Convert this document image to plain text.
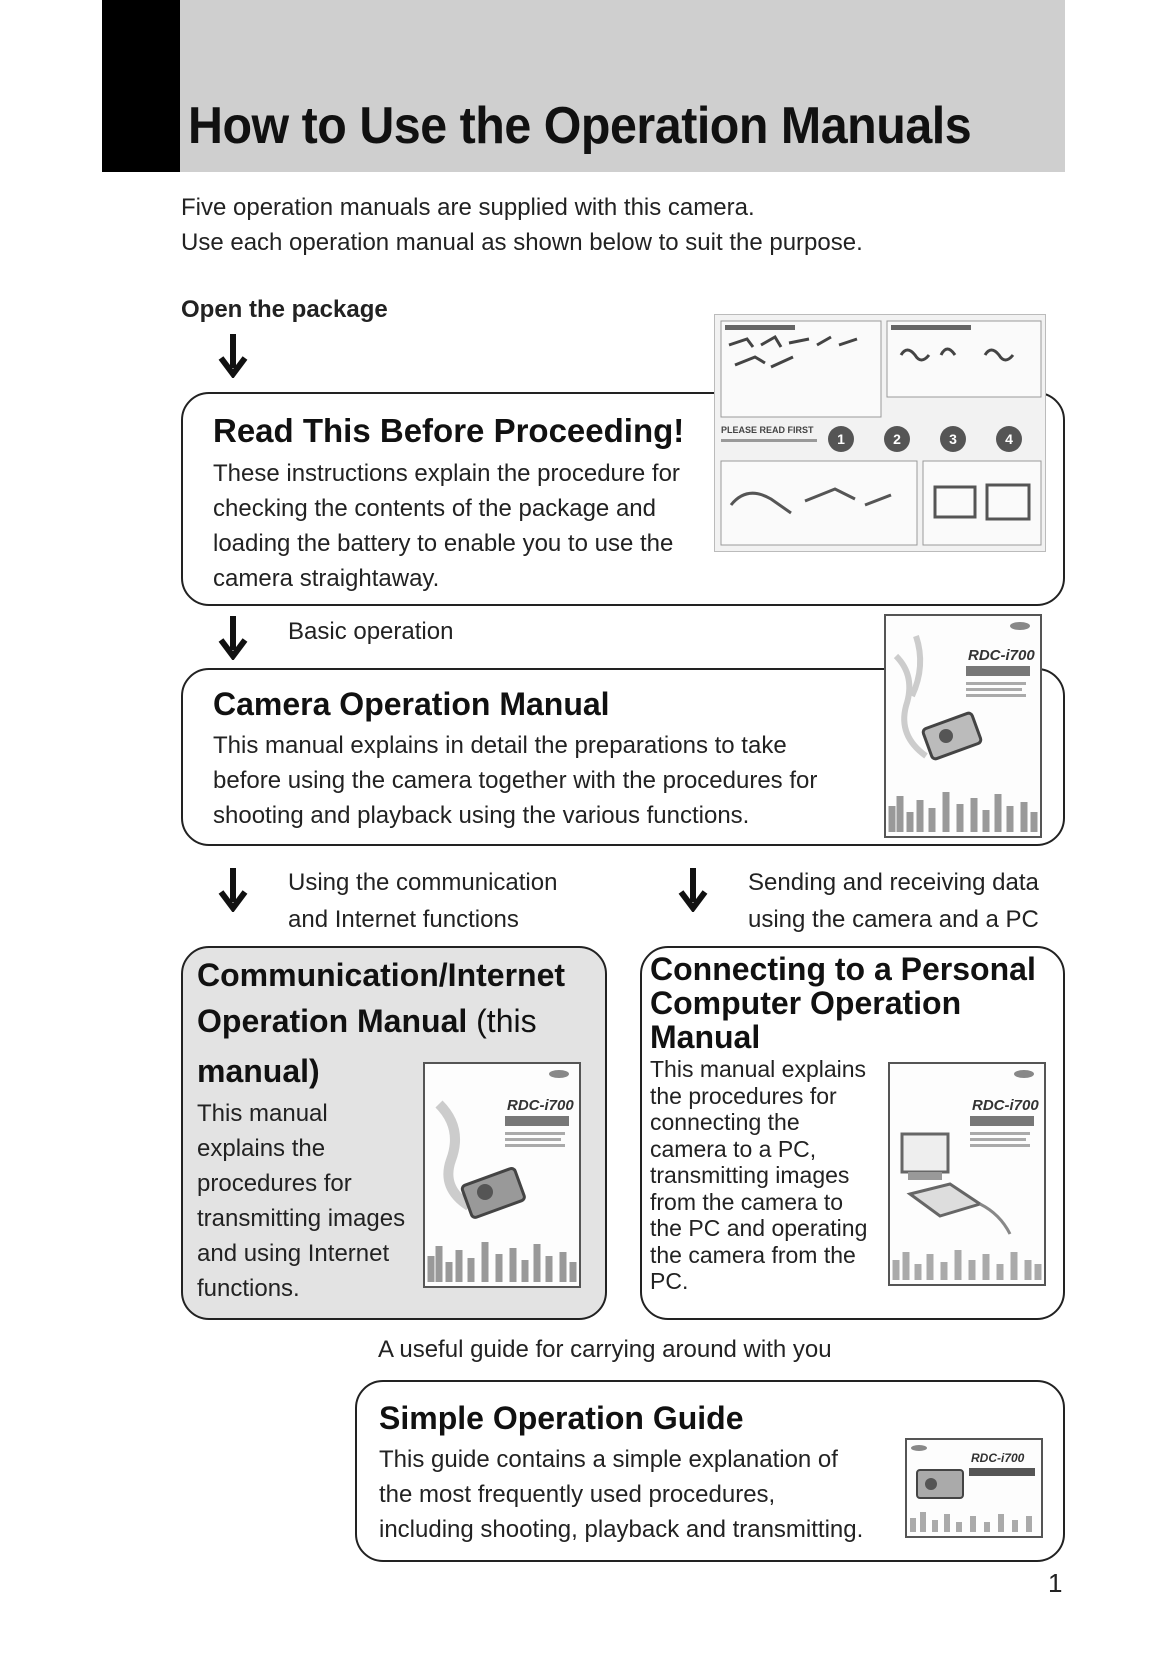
How to Use the Operation Manuals
Five operation manuals are supplied with this camera.
Use each operation manual as shown below to suit the purpose.
Open the package
Read This Before Proceeding!
These instructions explain the procedure for
checking the contents of the package and
loading the battery to enable you to use the
camera straightaway.
PLEASE READ FIRST
1	2	3	4
Basic operation
Camera Operation Manual
This manual explains in detail the preparations to take
before using the camera together with the procedures for
shooting and playback using the various functions.
RDC-i700
Using the communication
and Internet functions
Sending and receiving data
using the camera and a PC
Communication/Internet
Operation Manual (this
manual)
This manual
explains the
procedures for
transmitting images
and using Internet
functions.
RDC-i700
Connecting to a Personal
Computer Operation
Manual
This manual explains
the procedures for
connecting the
camera to a PC,
transmitting images
from the camera to
the PC and operating
the camera from the
PC.
RDC-i700
A useful guide for carrying around with you
Simple Operation Guide
This guide contains a simple explanation of
the most frequently used procedures,
including shooting, playback and transmitting.
RDC-i700
1
